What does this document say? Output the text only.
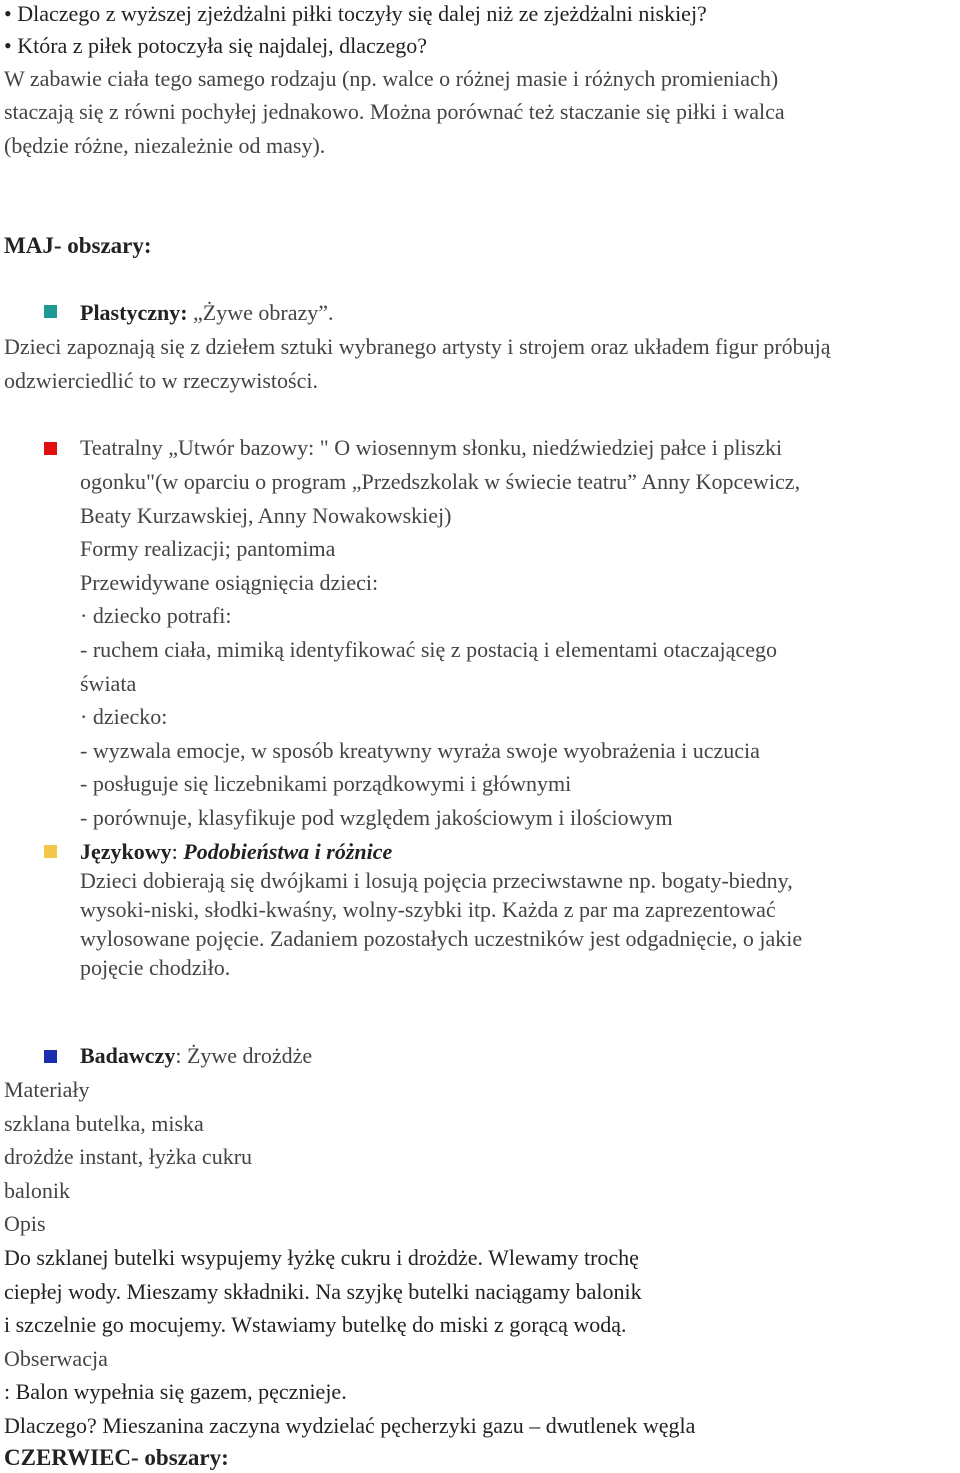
• Dlaczego z wyższej zjeżdżalni piłki toczyły się dalej niż ze zjeżdżalni niskiej?
• Która z piłek potoczyła się najdalej, dlaczego?
W zabawie ciała tego samego rodzaju (np. walce o różnej masie i różnych promieniach)
staczają się z równi pochyłej jednakowo. Można porównać też staczanie się piłki i walca
(będzie różne, niezależnie od masy).
MAJ- obszary:
Plastyczny: „Żywe obrazy”.
Dzieci zapoznają się z dziełem sztuki wybranego artysty i strojem oraz układem figur próbują
odzwierciedlić to w rzeczywistości.
Teatralny „Utwór bazowy: " O wiosennym słonku, niedźwiedziej pałce i pliszki
ogonku"(w oparciu o program „Przedszkolak w świecie teatru” Anny Kopcewicz,
Beaty Kurzawskiej, Anny Nowakowskiej)
Formy realizacji; pantomima
Przewidywane osiągnięcia dzieci:
· dziecko potrafi:
- ruchem ciała, mimiką identyfikować się z postacią i elementami otaczającego
świata
· dziecko:
- wyzwala emocje, w sposób kreatywny wyraża swoje wyobrażenia i uczucia
- posługuje się liczebnikami porządkowymi i głównymi
- porównuje, klasyfikuje pod względem jakościowym i ilościowym
Językowy: Podobieństwa i różnice
Dzieci dobierają się dwójkami i losują pojęcia przeciwstawne np. bogaty-biedny,
wysoki-niski, słodki-kwaśny, wolny-szybki itp. Każda z par ma zaprezentować
wylosowane pojęcie. Zadaniem pozostałych uczestników jest odgadnięcie, o jakie
pojęcie chodziło.
Badawczy: Żywe drożdże
Materiały
szklana butelka, miska
drożdże instant, łyżka cukru
balonik
Opis
Do szklanej butelki wsypujemy łyżkę cukru i drożdże. Wlewamy trochę
ciepłej wody. Mieszamy składniki. Na szyjkę butelki naciągamy balonik
i szczelnie go mocujemy. Wstawiamy butelkę do miski z gorącą wodą.
Obserwacja
: Balon wypełnia się gazem, pęcznieje.
Dlaczego? Mieszanina zaczyna wydzielać pęcherzyki gazu – dwutlenek węgla
CZERWIEC- obszary:
